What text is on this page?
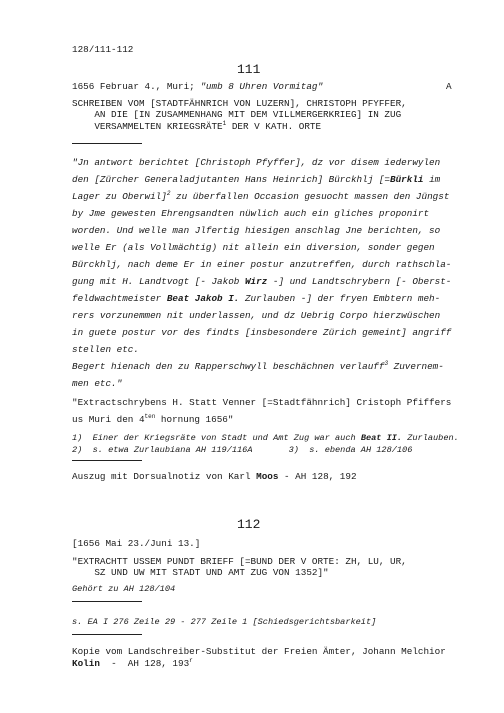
128/111-112
111
1656 Februar 4., Muri; "umb 8 Uhren Vormitag"	A
SCHREIBEN VOM [STADTFÄHNRICH VON LUZERN], CHRISTOPH PFYFFER,
AN DIE [IN ZUSAMMENHANG MIT DEM VILLMERGERKRIEG] IN ZUG
VERSAMMELTEN KRIEGSRÄTE$^1$ DER V KATH. ORTE
"Jn antwort berichtet [Christoph Pfyffer], dz vor disem iederwylen
den [Zürcher Generaladjutanten Hans Heinrich] Bürckhlj [=Bürkli im
Lager zu Oberwil]$^2$ zu überfallen Occasion gesuocht massen den Jüngst
by Jme gewesten Ehrengsandten nüwlich auch ein gliches proponirt
worden. Und welle man Jlfertig hiesigen anschlag Jne berichten, so
welle Er (als Vollmächtig) nit allein ein diversion, sonder gegen
Bürckhlj, nach deme Er in einer postur anzutreffen, durch rathschla-
gung mit H. Landtvogt [- Jakob Wirz -] und Landtschrybern [- Oberst-
feldwachtmeister Beat Jakob I. Zurlauben -] der fryen Embtern meh-
rers vorzunemmen nit underlassen, und dz Uebrig Corpo hierzwüschen
in guete postur vor des findts [insbesondere Zürich gemeint] angriff
stellen etc.
Begert hienach den zu Rapperschwyll beschächnen verlauff$^3$ Zuvernem-
men etc."
"Extractschrybens H. Statt Venner [=Stadtfähnrich] Cristoph Pfiffers
us Muri den $4^{ten}$ hornung 1656"
1)  Einer der Kriegsräte von Stadt und Amt Zug war auch Beat II. Zurlauben.
2)  s. etwa Zurlaubiana AH 119/116A       3)  s. ebenda AH 128/106
Auszug mit Dorsualnotiz von Karl Moos - AH 128, 192
112
[1656 Mai 23./Juni 13.]
"EXTRACHTT USSEM PUNDT BRIEFF [=BUND DER V ORTE: ZH, LU, UR,
SZ UND UW MIT STADT UND AMT ZUG VON 1352]"
Gehört zu AH 128/104
s. EA I 276 Zeile 29 - 277 Zeile 1 [Schiedsgerichtsbarkeit]
Kopie vom Landschreiber-Substitut der Freien Ämter, Johann Melchior
Kolin  -  AH 128, 193$^r$
